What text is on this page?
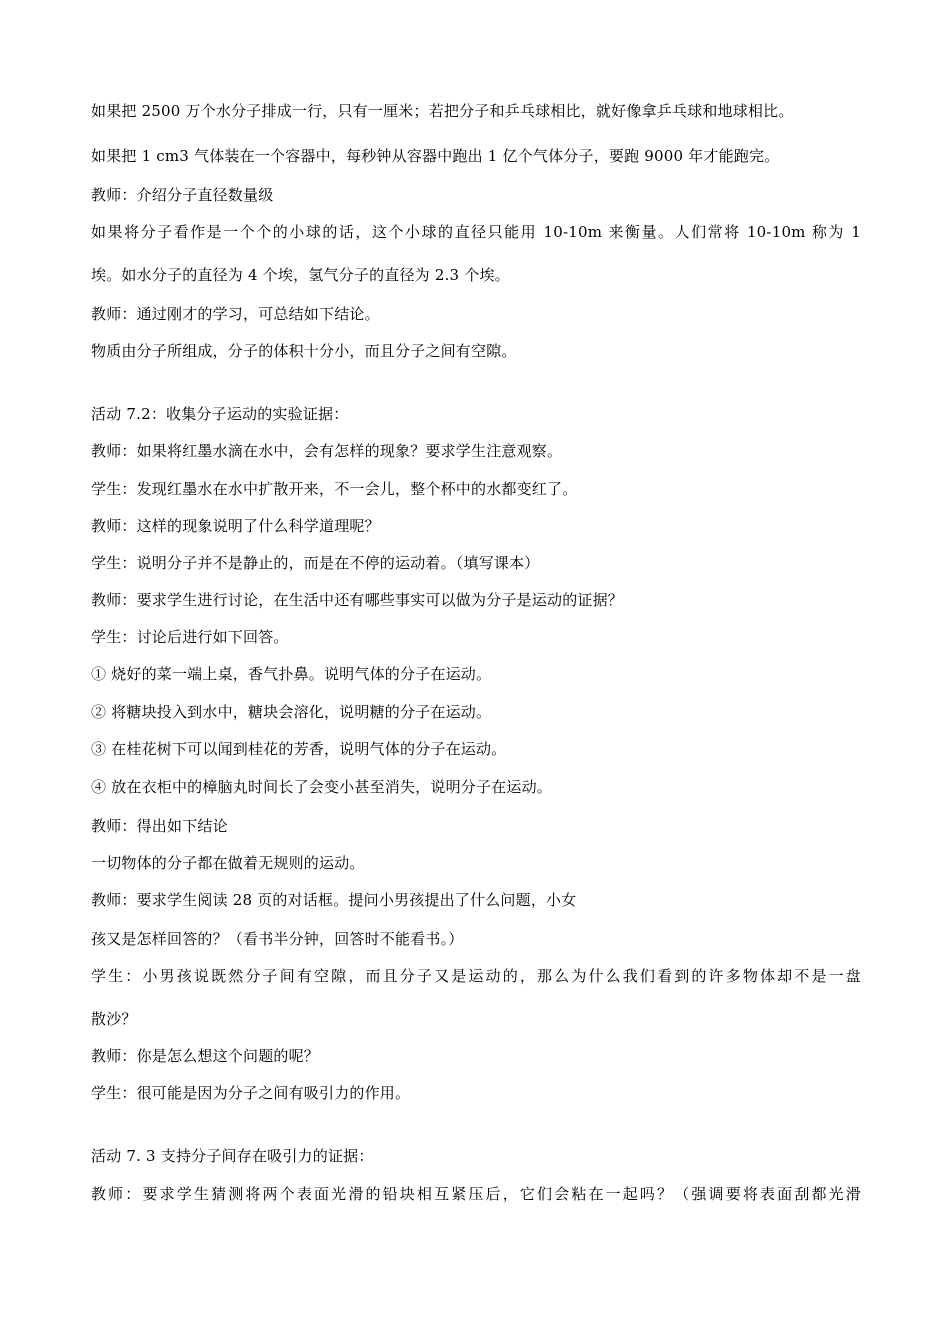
如果把 2500 万个水分子排成一行，只有一厘米；若把分子和乒乓球相比，就好像拿乒乓球和地球相比。
如果把 1 cm3 气体装在一个容器中，每秒钟从容器中跑出 1 亿个气体分子，要跑 9000 年才能跑完。
教师：介绍分子直径数量级
如果将分子看作是一个个的小球的话，这个小球的直径只能用 10-10m 来衡量。人们常将 10-10m 称为 1
埃。如水分子的直径为 4 个埃，氢气分子的直径为 2.3 个埃。
教师：通过刚才的学习，可总结如下结论。
物质由分子所组成，分子的体积十分小，而且分子之间有空隙。
活动 7.2：收集分子运动的实验证据：
教师：如果将红墨水滴在水中，会有怎样的现象？要求学生注意观察。
学生：发现红墨水在水中扩散开来，不一会儿，整个杯中的水都变红了。
教师：这样的现象说明了什么科学道理呢？
学生：说明分子并不是静止的，而是在不停的运动着。（填写课本）
教师：要求学生进行讨论，在生活中还有哪些事实可以做为分子是运动的证据？
学生：讨论后进行如下回答。
① 烧好的菜一端上桌，香气扑鼻。说明气体的分子在运动。
② 将糖块投入到水中，糖块会溶化，说明糖的分子在运动。
③ 在桂花树下可以闻到桂花的芳香，说明气体的分子在运动。
④ 放在衣柜中的樟脑丸时间长了会变小甚至消失，说明分子在运动。
教师：得出如下结论
一切物体的分子都在做着无规则的运动。
教师：要求学生阅读 28 页的对话框。提问小男孩提出了什么问题，小女
孩又是怎样回答的？（看书半分钟，回答时不能看书。）
学生：小男孩说既然分子间有空隙，而且分子又是运动的，那么为什么我们看到的许多物体却不是一盘
散沙？
教师：你是怎么想这个问题的呢？
学生：很可能是因为分子之间有吸引力的作用。
活动 7. 3 支持分子间存在吸引力的证据：
教师：要求学生猜测将两个表面光滑的铅块相互紧压后，它们会粘在一起吗？（强调要将表面刮都光滑
